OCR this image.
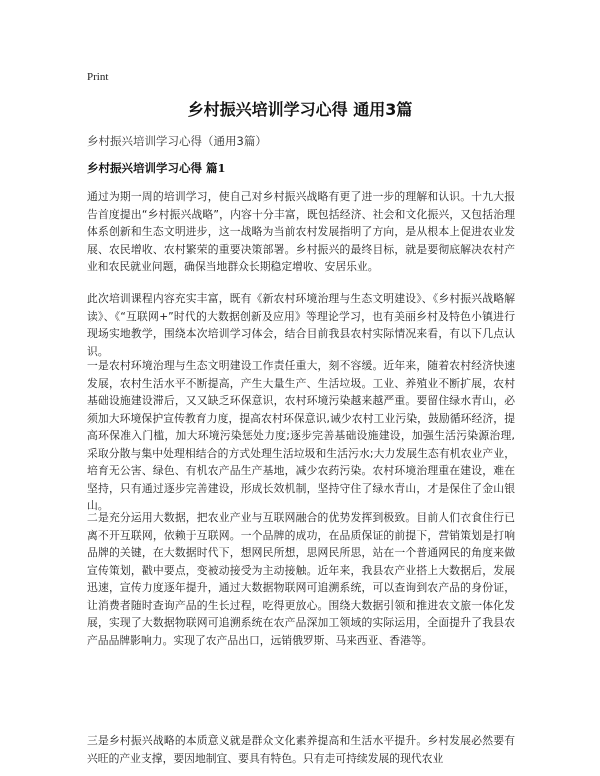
Print
乡村振兴培训学习心得 通用3篇
乡村振兴培训学习心得（通用3篇）
乡村振兴培训学习心得 篇1

通过为期一周的培训学习，使自己对乡村振兴战略有更了进一步的理解和认识。十九大报告首度提出“乡村振兴战略”，内容十分丰富，既包括经济、社会和文化振兴，又包括治理体系创新和生态文明进步，这一战略为当前农村发展指明了方向，是从根本上促进农业发展、农民增收、农村繁荣的重要决策部署。乡村振兴的最终目标，就是要彻底解决农村产业和农民就业问题，确保当地群众长期稳定增收、安居乐业。

此次培训课程内容充实丰富，既有《新农村环境治理与生态文明建设》、《乡村振兴战略解读》、《“互联网+”时代的大数据创新及应用》等理论学习，也有美丽乡村及特色小镇进行现场实地教学，围绕本次培训学习体会，结合目前我县农村实际情况来看，有以下几点认识。

一是农村环境治理与生态文明建设工作责任重大，刻不容缓。近年来，随着农村经济快速发展，农村生活水平不断提高，产生大量生产、生活垃圾。工业、养殖业不断扩展，农村基础设施建设滞后，又又缺乏环保意识，农村环境污染越来越严重。要留住绿水青山，必须加大环境保护宣传教育力度，提高农村环保意识,诫少农村工业污染，鼓励循环经济，提高环保准入门槛，加大环境污染惩处力度;逐步完善基础设施建设，加强生活污染源治理,采取分散与集中处理相结合的方式处理生活垃圾和生活污水;大力发展生态有机农业产业，培育无公害、绿色、有机农产品生产基地，减少农药污染。农村环境治理重在建设，难在坚持，只有通过逐步完善建设，形成长效机制，坚持守住了绿水青山，才是保住了金山银山。

二是充分运用大数据，把农业产业与互联网融合的优势发挥到极致。目前人们衣食住行已离不开互联网，依赖于互联网。一个品牌的成功，在品质保证的前提下，营销策划是打响品牌的关键，在大数据时代下，想网民所想，思网民所思，站在一个普通网民的角度来做宣传策划，戳中要点，变被动接受为主动接触。近年来，我县农产业搭上大数据后，发展迅速，宣传力度逐年提升，通过大数据物联网可追溯系统，可以查询到农产品的身份证，让消费者随时查询产品的生长过程，吃得更放心。围绕大数据引领和推进农文旅一体化发展，实现了大数据物联网可追溯系统在农产品深加工领域的实际运用，全面提升了我县农产品品牌影响力。实现了农产品出口，远销俄罗斯、马来西亚、香港等。

三是乡村振兴战略的本质意义就是群众文化素养提高和生活水平提升。乡村发展必然要有兴旺的产业支撑，要因地制宜、要具有特色。只有走可持续发展的现代农业
